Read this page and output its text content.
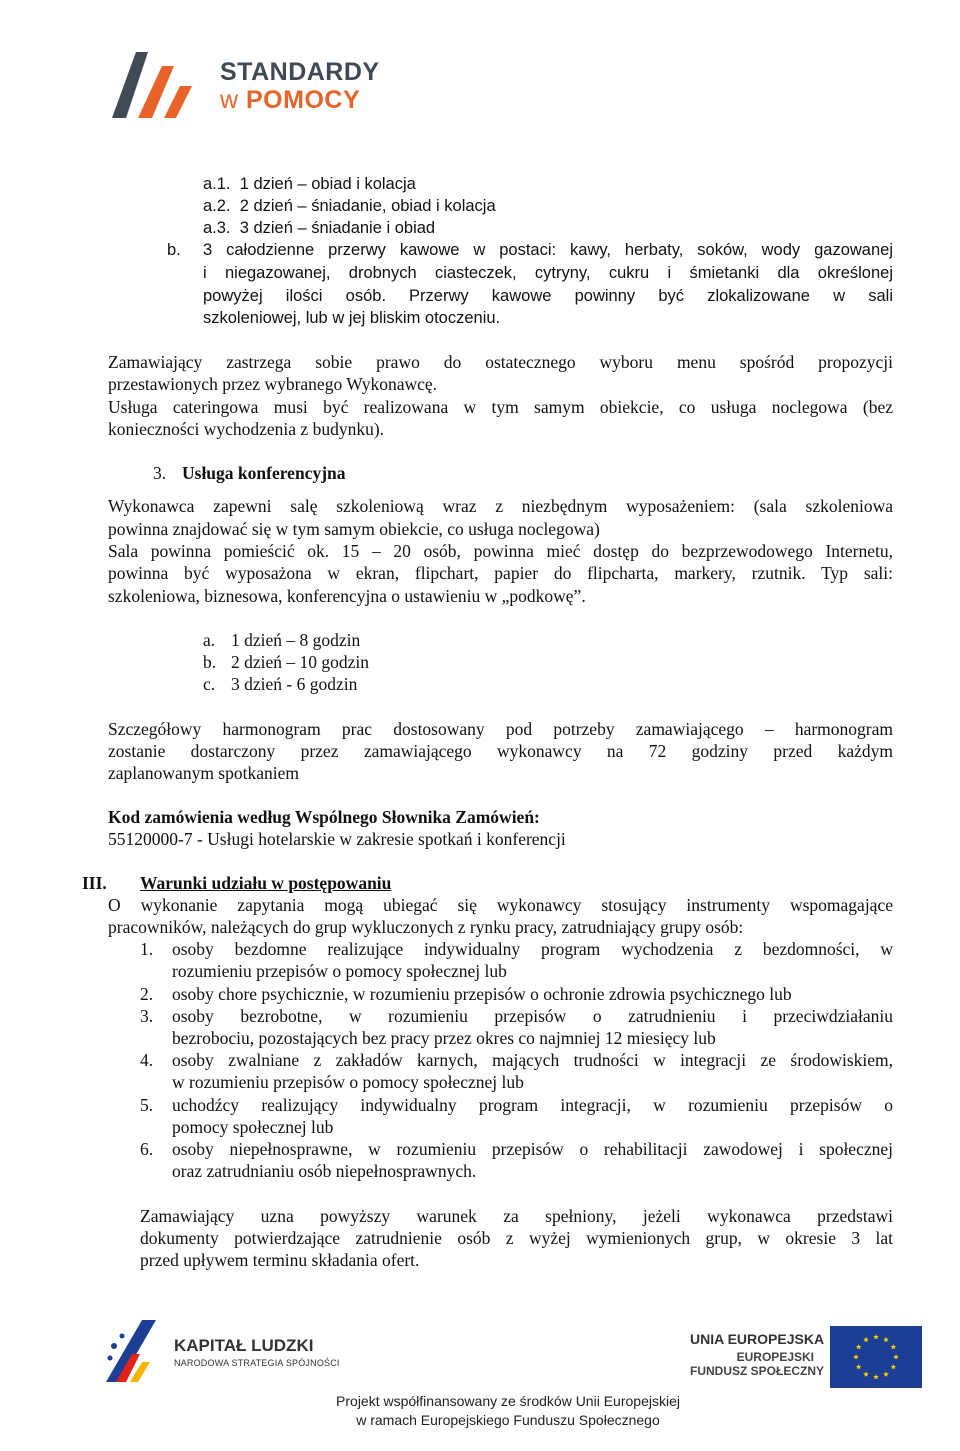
STANDARDY
w POMOCY
a.1. 1 dzień – obiad i kolacja
a.2. 2 dzień – śniadanie, obiad i kolacja
a.3. 3 dzień – śniadanie i obiad
b. 3 całodzienne przerwy kawowe w postaci: kawy, herbaty, soków, wody gazowanej
i niegazowanej, drobnych ciasteczek, cytryny, cukru i śmietanki dla określonej
powyżej ilości osób. Przerwy kawowe powinny być zlokalizowane w sali
szkoleniowej, lub w jej bliskim otoczeniu.
Zamawiający zastrzega sobie prawo do ostatecznego wyboru menu spośród propozycji
przestawionych przez wybranego Wykonawcę.
Usługa cateringowa musi być realizowana w tym samym obiekcie, co usługa noclegowa (bez
konieczności wychodzenia z budynku).
3. Usługa konferencyjna
Wykonawca zapewni salę szkoleniową wraz z niezbędnym wyposażeniem: (sala szkoleniowa
powinna znajdować się w tym samym obiekcie, co usługa noclegowa)
Sala powinna pomieścić ok. 15 – 20 osób, powinna mieć dostęp do bezprzewodowego Internetu,
powinna być wyposażona w ekran, flipchart, papier do flipcharta, markery, rzutnik. Typ sali:
szkoleniowa, biznesowa, konferencyjna o ustawieniu w „podkowę”.
a. 1 dzień – 8 godzin
b. 2 dzień – 10 godzin
c. 3 dzień - 6 godzin
Szczegółowy harmonogram prac dostosowany pod potrzeby zamawiającego – harmonogram
zostanie dostarczony przez zamawiającego wykonawcy na 72 godziny przed każdym
zaplanowanym spotkaniem
Kod zamówienia według Wspólnego Słownika Zamówień:
55120000-7 - Usługi hotelarskie w zakresie spotkań i konferencji
III. Warunki udziału w postępowaniu
O wykonanie zapytania mogą ubiegać się wykonawcy stosujący instrumenty wspomagające
pracowników, należących do grup wykluczonych z rynku pracy, zatrudniający grupy osób:
1. osoby bezdomne realizujące indywidualny program wychodzenia z bezdomności, w
rozumieniu przepisów o pomocy społecznej lub
2. osoby chore psychicznie, w rozumieniu przepisów o ochronie zdrowia psychicznego lub
3. osoby bezrobotne, w rozumieniu przepisów o zatrudnieniu i przeciwdziałaniu
bezrobociu, pozostających bez pracy przez okres co najmniej 12 miesięcy lub
4. osoby zwalniane z zakładów karnych, mających trudności w integracji ze środowiskiem,
w rozumieniu przepisów o pomocy społecznej lub
5. uchodźcy realizujący indywidualny program integracji, w rozumieniu przepisów o
pomocy społecznej lub
6. osoby niepełnosprawne, w rozumieniu przepisów o rehabilitacji zawodowej i społecznej
oraz zatrudnianiu osób niepełnosprawnych.
Zamawiający uzna powyższy warunek za spełniony, jeżeli wykonawca przedstawi
dokumenty potwierdzające zatrudnienie osób z wyżej wymienionych grup, w okresie 3 lat
przed upływem terminu składania ofert.
KAPITAŁ LUDZKI
NARODOWA STRATEGIA SPÓJNOŚCI
UNIA EUROPEJSKA
EUROPEJSKI
FUNDUSZ SPOŁECZNY
Projekt współfinansowany ze środków Unii Europejskiej
w ramach Europejskiego Funduszu Społecznego
